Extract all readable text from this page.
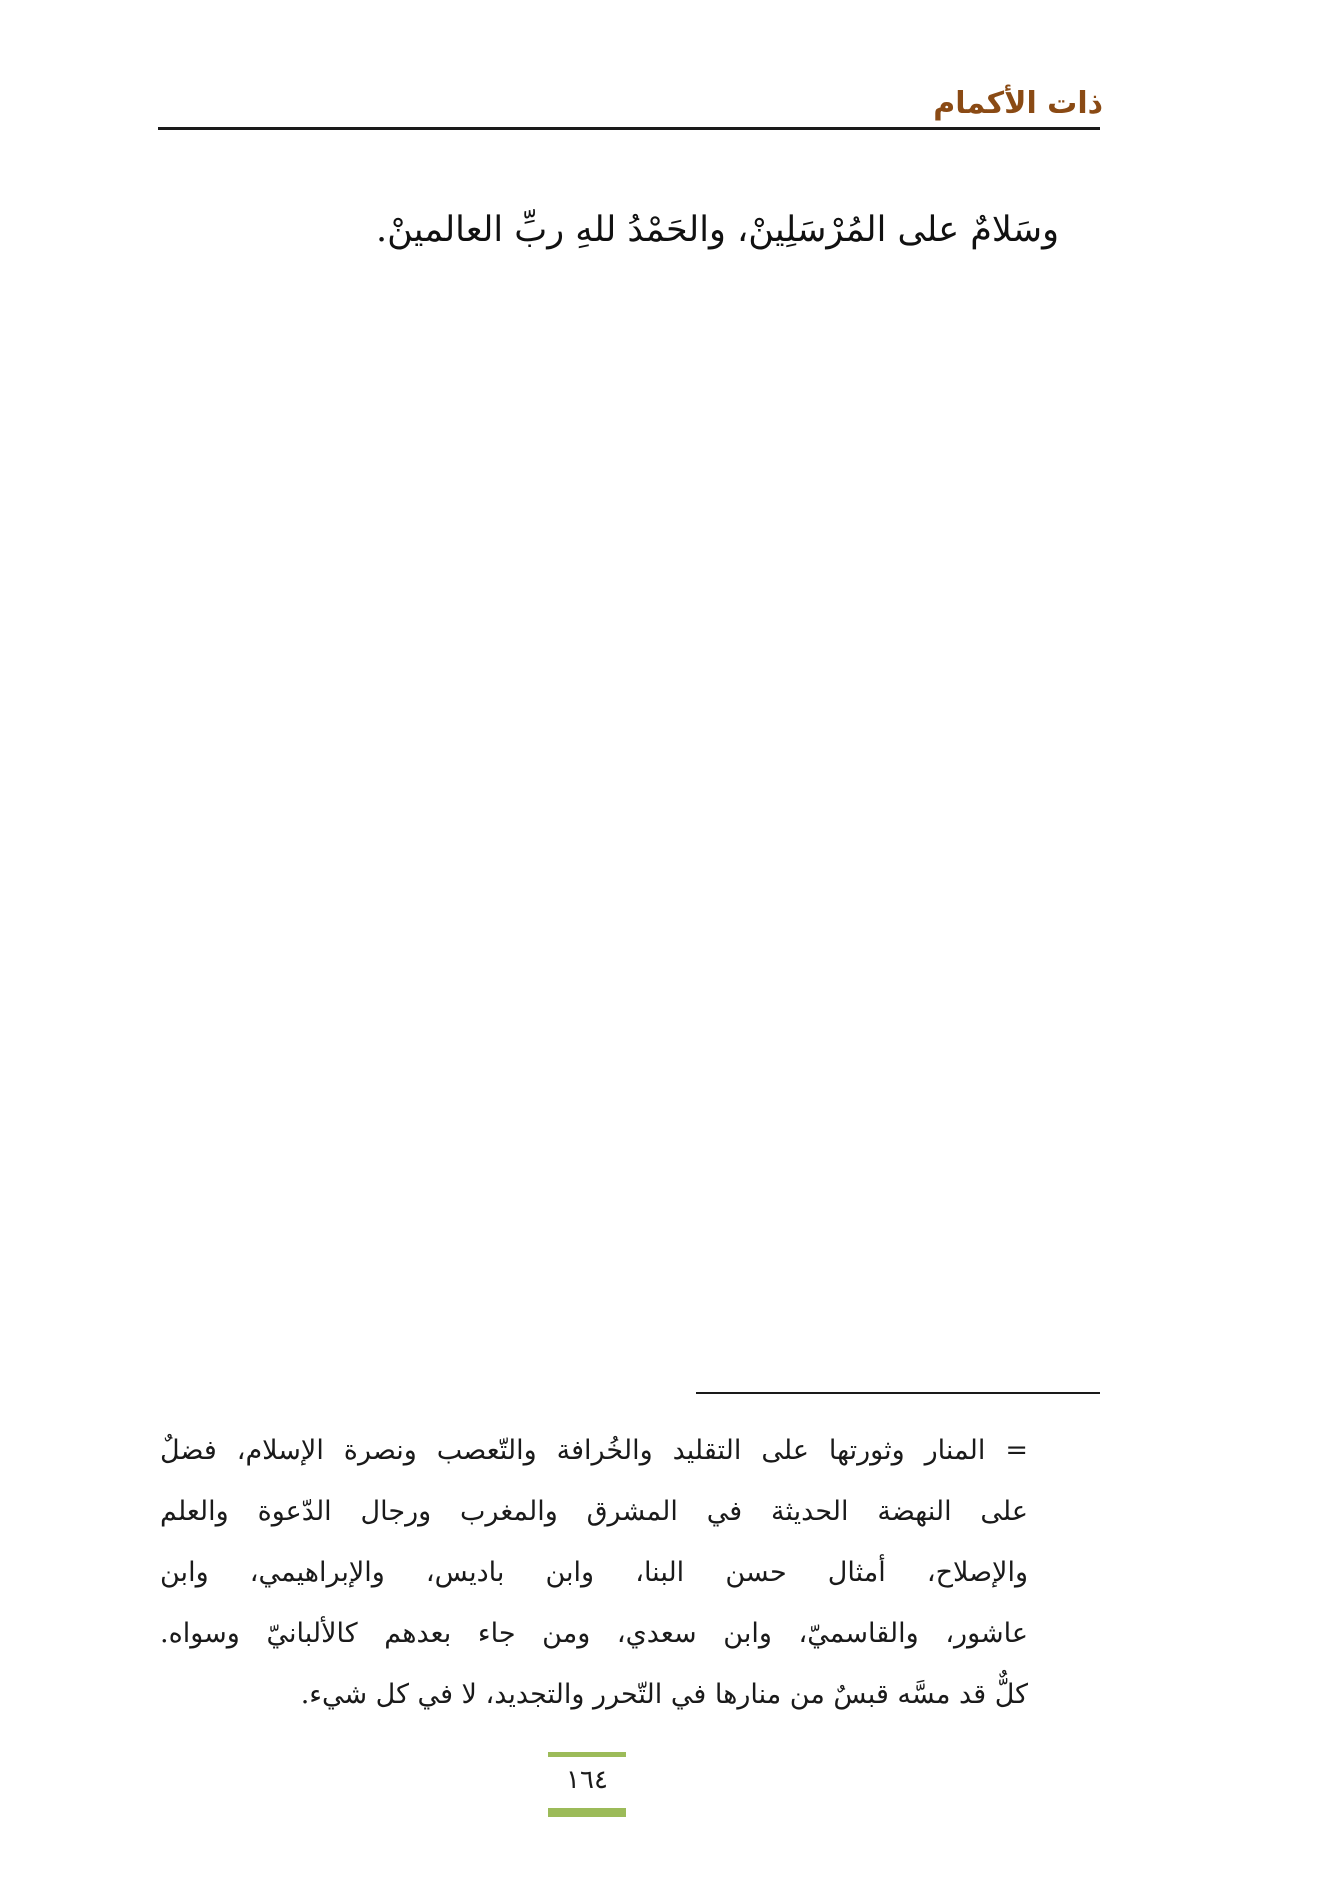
ذات الأكمام
وسَلامٌ على المُرْسَلِينْ، والحَمْدُ للهِ ربِّ العالمينْ.
= المنار وثورتها على التقليد والخُرافة والتّعصب ونصرة الإسلام، فضلٌ
على النهضة الحديثة في المشرق والمغرب ورجال الدّعوة والعلم
والإصلاح، أمثال حسن البنا، وابن باديس، والإبراهيمي، وابن
عاشور، والقاسميّ، وابن سعدي، ومن جاء بعدهم كالألبانيّ وسواه.
كلٌّ قد مسَّه قبسٌ من منارها في التّحرر والتجديد، لا في كل شيء.
١٦٤
